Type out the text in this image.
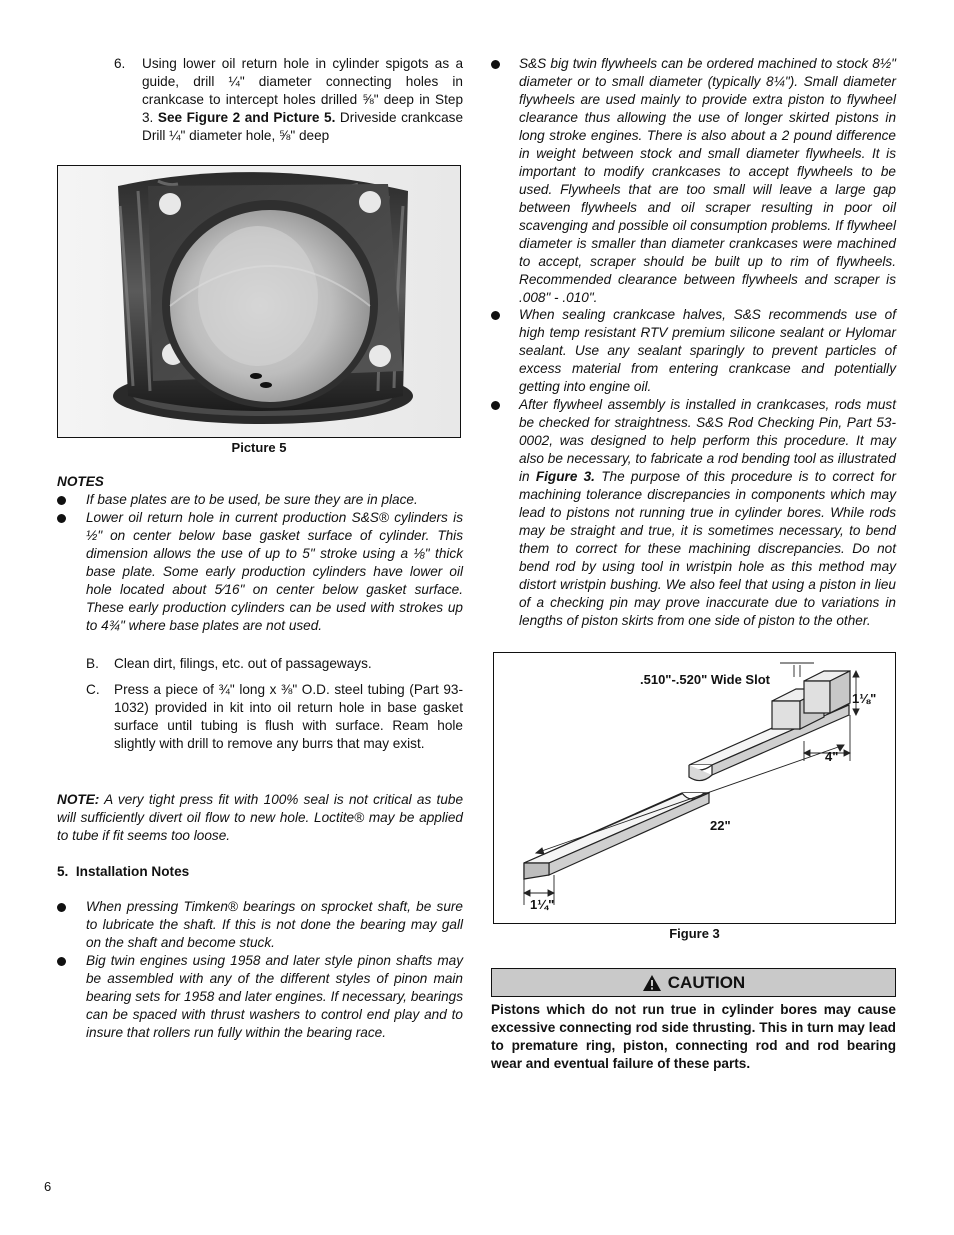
6. Using lower oil return hole in cylinder spigots as a guide, drill ¼" diameter connecting holes in crankcase to intercept holes drilled ⅝" deep in Step 3. See Figure 2 and Picture 5. Driveside crankcase Drill ¼" diameter hole, ⅝" deep
Picture 5
NOTES
If base plates are to be used, be sure they are in place.
Lower oil return hole in current production S&S® cylinders is ½" on center below base gasket surface of cylinder. This dimension allows the use of up to 5" stroke using a ⅛" thick base plate. Some early production cylinders have lower oil hole located about 5⁄16" on center below gasket surface. These early production cylinders can be used with strokes up to 4¾" where base plates are not used.
B. Clean dirt, filings, etc. out of passageways.
C. Press a piece of ¾" long x ⅜" O.D. steel tubing (Part 93-1032) provided in kit into oil return hole in base gasket surface until tubing is flush with surface. Ream hole slightly with drill to remove any burrs that may exist.
NOTE: A very tight press fit with 100% seal is not critical as tube will sufficiently divert oil flow to new hole. Loctite® may be applied to tube if fit seems too loose.
5.  Installation Notes
When pressing Timken® bearings on sprocket shaft, be sure to lubricate the shaft. If this is not done the bearing may gall on the shaft and become stuck.
Big twin engines using 1958 and later style pinon shafts may be assembled with any of the different styles of pinon main bearing sets for 1958 and later engines. If necessary, bearings can be spaced with thrust washers to control end play and to insure that rollers run fully within the bearing race.
S&S big twin flywheels can be ordered machined to stock 8½" diameter or to small diameter (typically 8¼"). Small diameter flywheels are used mainly to provide extra piston to flywheel clearance thus allowing the use of longer skirted pistons in long stroke engines. There is also about a 2 pound difference in weight between stock and small diameter flywheels. It is important to modify crankcases to accept flywheels to be used. Flywheels that are too small will leave a large gap between flywheels and oil scraper resulting in poor oil scavenging and possible oil consumption problems. If flywheel diameter is smaller than diameter crankcases were machined to accept, scraper should be built up to rim of flywheels. Recommended clearance between flywheels and scraper is .008" - .010".
When sealing crankcase halves, S&S recommends use of high temp resistant RTV premium silicone sealant or Hylomar sealant. Use any sealant sparingly to prevent particles of excess material from entering crankcase and potentially getting into engine oil.
After flywheel assembly is installed in crankcases, rods must be checked for straightness. S&S Rod Checking Pin, Part 53-0002, was designed to help perform this procedure. It may also be necessary, to fabricate a rod bending tool as illustrated in Figure 3. The purpose of this procedure is to correct for machining tolerance discrepancies in components which may lead to pistons not running true in cylinder bores. While rods may be straight and true, it is sometimes necessary, to bend them to correct for these machining discrepancies. Do not bend rod by using tool in wristpin hole as this method may distort wristpin bushing. We also feel that using a piston in lieu of a checking pin may prove inaccurate due to variations in lengths of piston skirts from one side of piston to the other.
.510"-.520" Wide Slot
1⅛"
4"
22"
1¼"
Figure 3
CAUTION
Pistons which do not run true in cylinder bores may cause excessive connecting rod side thrusting. This in turn may lead to premature ring, piston, connecting rod and rod bearing wear and eventual failure of these parts.
6
